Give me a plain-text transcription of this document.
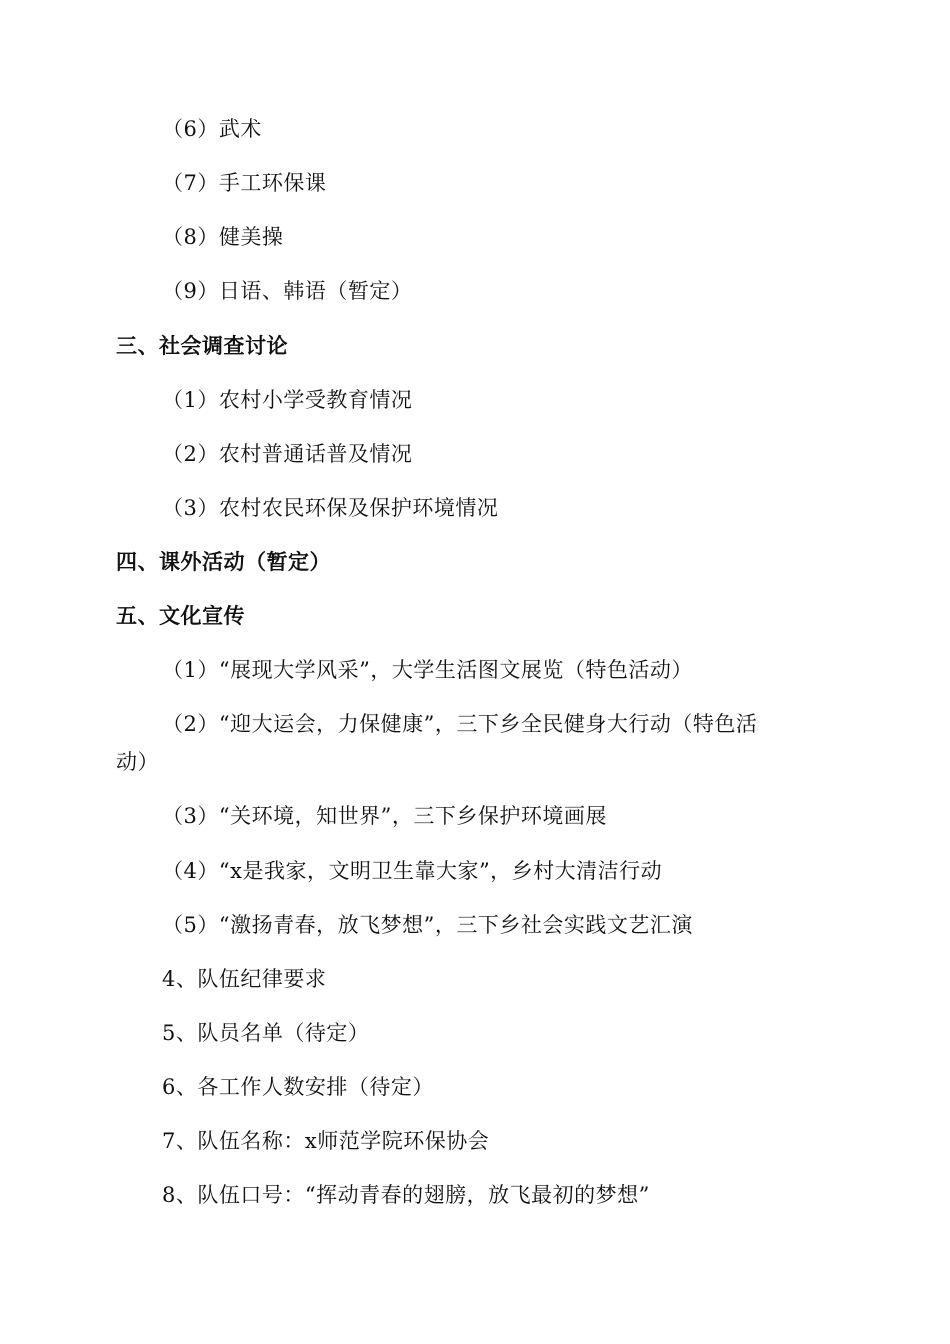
（6）武术
（7）手工环保课
（8）健美操
（9）日语、韩语（暂定）
三、社会调查讨论
（1）农村小学受教育情况
（2）农村普通话普及情况
（3）农村农民环保及保护环境情况
四、课外活动（暂定）
五、文化宣传
（1）“展现大学风采”，大学生活图文展览（特色活动）
（2）“迎大运会，力保健康”，三下乡全民健身大行动（特色活
动）
（3）“关环境，知世界”，三下乡保护环境画展
（4）“x是我家，文明卫生靠大家”，乡村大清洁行动
（5）“激扬青春，放飞梦想”，三下乡社会实践文艺汇演
4、队伍纪律要求
5、队员名单（待定）
6、各工作人数安排（待定）
7、队伍名称：x师范学院环保协会
8、队伍口号：“挥动青春的翅膀，放飞最初的梦想”
